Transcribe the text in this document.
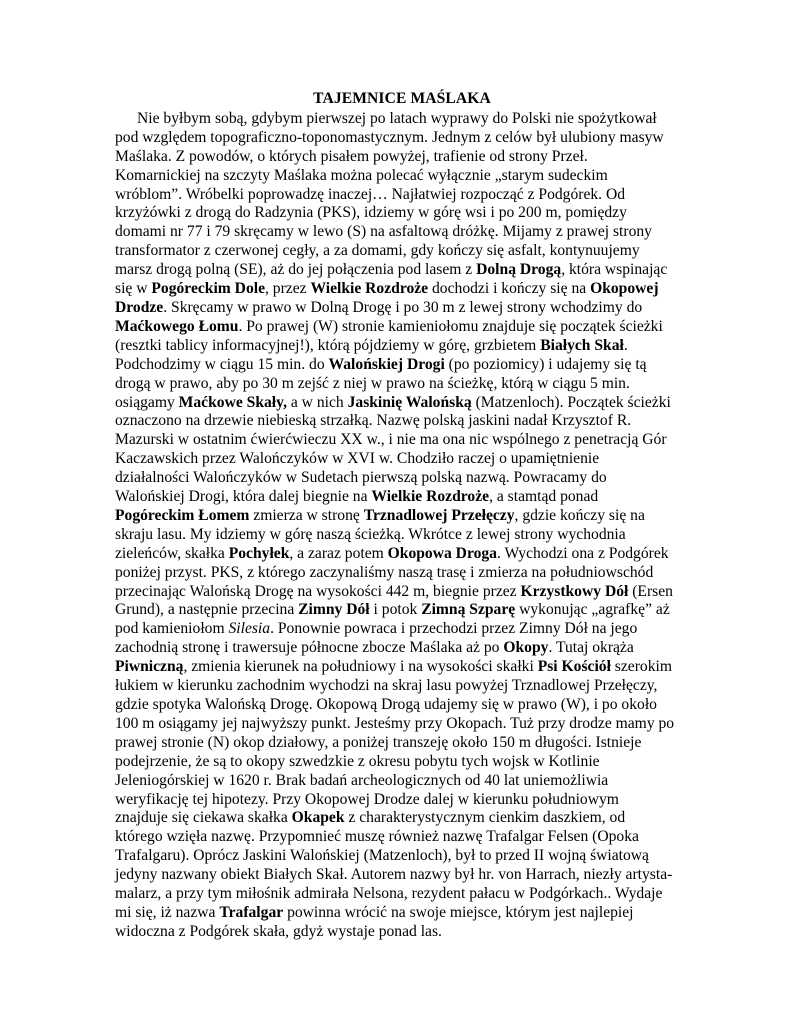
TAJEMNICE MAŚLAKA
Nie byłbym sobą, gdybym pierwszej po latach wyprawy do Polski nie spożytkował
pod względem topograficzno-toponomastycznym. Jednym z celów był ulubiony masyw
Maślaka. Z powodów, o których pisałem powyżej, trafienie od strony Przeł.
Komarnickiej na szczyty Maślaka można polecać wyłącznie „starym sudeckim
wróblom”. Wróbelki poprowadzę inaczej… Najłatwiej rozpocząć z Podgórek. Od
krzyżówki z drogą do Radzynia (PKS), idziemy w górę wsi i po 200 m, pomiędzy
domami nr 77 i 79 skręcamy w lewo (S) na asfaltową dróżkę. Mijamy z prawej strony
transformator z czerwonej cegły, a za domami, gdy kończy się asfalt, kontynuujemy
marsz drogą polną (SE), aż do jej połączenia pod lasem z Dolną Drogą, która wspinając
się w Pogóreckim Dole, przez Wielkie Rozdroże dochodzi i kończy się na Okopowej
Drodze. Skręcamy w prawo w Dolną Drogę i po 30 m z lewej strony wchodzimy do
Maćkowego Łomu. Po prawej (W) stronie kamieniołomu znajduje się początek ścieżki
(resztki tablicy informacyjnej!), którą pójdziemy w górę, grzbietem Białych Skał.
Podchodzimy w ciągu 15 min. do Walońskiej Drogi (po poziomicy) i udajemy się tą
drogą w prawo, aby po 30 m zejść z niej w prawo na ścieżkę, którą w ciągu 5 min.
osiągamy Maćkowe Skały, a w nich Jaskinię Walońską (Matzenloch). Początek ścieżki
oznaczono na drzewie niebieską strzałką. Nazwę polską jaskini nadał Krzysztof R.
Mazurski w ostatnim ćwierćwieczu XX w., i nie ma ona nic wspólnego z penetracją Gór
Kaczawskich przez Walończyków w XVI w. Chodziło raczej o upamiętnienie
działalności Walończyków w Sudetach pierwszą polską nazwą. Powracamy do
Walońskiej Drogi, która dalej biegnie na Wielkie Rozdroże, a stamtąd ponad
Pogóreckim Łomem zmierza w stronę Trznadlowej Przełęczy, gdzie kończy się na
skraju lasu. My idziemy w górę naszą ścieżką. Wkrótce z lewej strony wychodnia
zieleńców, skałka Pochyłek, a zaraz potem Okopowa Droga. Wychodzi ona z Podgórek
poniżej przyst. PKS, z którego zaczynaliśmy naszą trasę i zmierza na południowschód
przecinając Walońską Drogę na wysokości 442 m, biegnie przez Krzystkowy Dół (Ersen
Grund), a następnie przecina Zimny Dół i potok Zimną Szparę wykonując „agrafkę” aż
pod kamieniołom Silesia. Ponownie powraca i przechodzi przez Zimny Dół na jego
zachodnią stronę i trawersuje północne zbocze Maślaka aż po Okopy. Tutaj okrąża
Piwniczną, zmienia kierunek na południowy i na wysokości skałki Psi Kościół szerokim
łukiem w kierunku zachodnim wychodzi na skraj lasu powyżej Trznadlowej Przełęczy,
gdzie spotyka Walońską Drogę. Okopową Drogą udajemy się w prawo (W), i po około
100 m osiągamy jej najwyższy punkt. Jesteśmy przy Okopach. Tuż przy drodze mamy po
prawej stronie (N) okop działowy, a poniżej transzeję około 150 m długości. Istnieje
podejrzenie, że są to okopy szwedzkie z okresu pobytu tych wojsk w Kotlinie
Jeleniogórskiej w 1620 r. Brak badań archeologicznych od 40 lat uniemożliwia
weryfikację tej hipotezy. Przy Okopowej Drodze dalej w kierunku południowym
znajduje się ciekawa skałka Okapek z charakterystycznym cienkim daszkiem, od
którego wzięła nazwę. Przypomnieć muszę również nazwę Trafalgar Felsen (Opoka
Trafalgaru). Oprócz Jaskini Walońskiej (Matzenloch), był to przed II wojną światową
jedyny nazwany obiekt Białych Skał. Autorem nazwy był hr. von Harrach, niezły artysta-
malarz, a przy tym miłośnik admirała Nelsona, rezydent pałacu w Podgórkach.. Wydaje
mi się, iż nazwa Trafalgar powinna wrócić na swoje miejsce, którym jest najlepiej
widoczna z Podgórek skała, gdyż wystaje ponad las.
